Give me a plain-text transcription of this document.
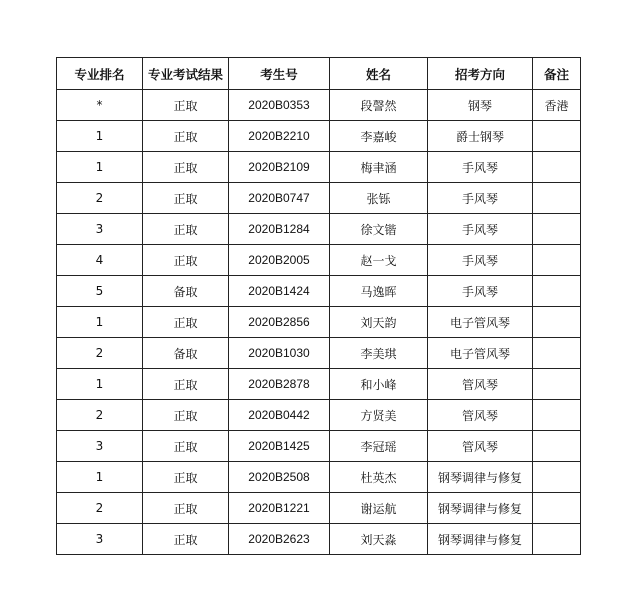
专业排名	专业考试结果	考生号	姓名	招考方向	备注
*	正取	2020B0353	段謦然	钢琴	香港
1	正取	2020B2210	李嘉峻	爵士钢琴	
1	正取	2020B2109	梅聿涵	手风琴	
2	正取	2020B0747	张铄	手风琴	
3	正取	2020B1284	徐文锴	手风琴	
4	正取	2020B2005	赵一戈	手风琴	
5	备取	2020B1424	马逸晖	手风琴	
1	正取	2020B2856	刘天韵	电子管风琴	
2	备取	2020B1030	李美琪	电子管风琴	
1	正取	2020B2878	和小峰	管风琴	
2	正取	2020B0442	方贤美	管风琴	
3	正取	2020B1425	李冠瑶	管风琴	
1	正取	2020B2508	杜英杰	钢琴调律与修复	
2	正取	2020B1221	谢运航	钢琴调律与修复	
3	正取	2020B2623	刘天淼	钢琴调律与修复	
